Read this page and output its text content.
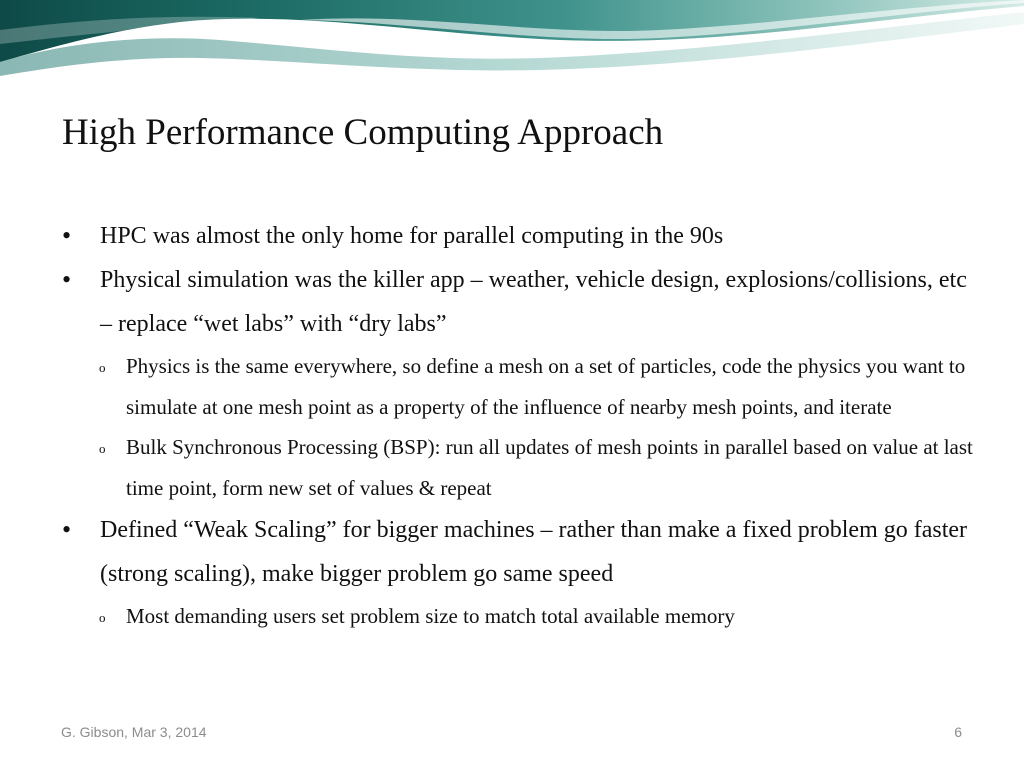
High Performance Computing Approach
• HPC was almost the only home for parallel computing in the 90s
• Physical simulation was the killer app – weather, vehicle design, explosions/collisions, etc – replace “wet labs” with “dry labs”
o Physics is the same everywhere, so define a mesh on a set of particles, code the physics you want to simulate at one mesh point as a property of the influence of nearby mesh points, and iterate
o Bulk Synchronous Processing (BSP): run all updates of mesh points in parallel based on value at last time point, form new set of values & repeat
• Defined “Weak Scaling” for bigger machines – rather than make a fixed problem go faster (strong scaling), make bigger problem go same speed
o Most demanding users set problem size to match total available memory
G. Gibson, Mar 3, 2014	6
